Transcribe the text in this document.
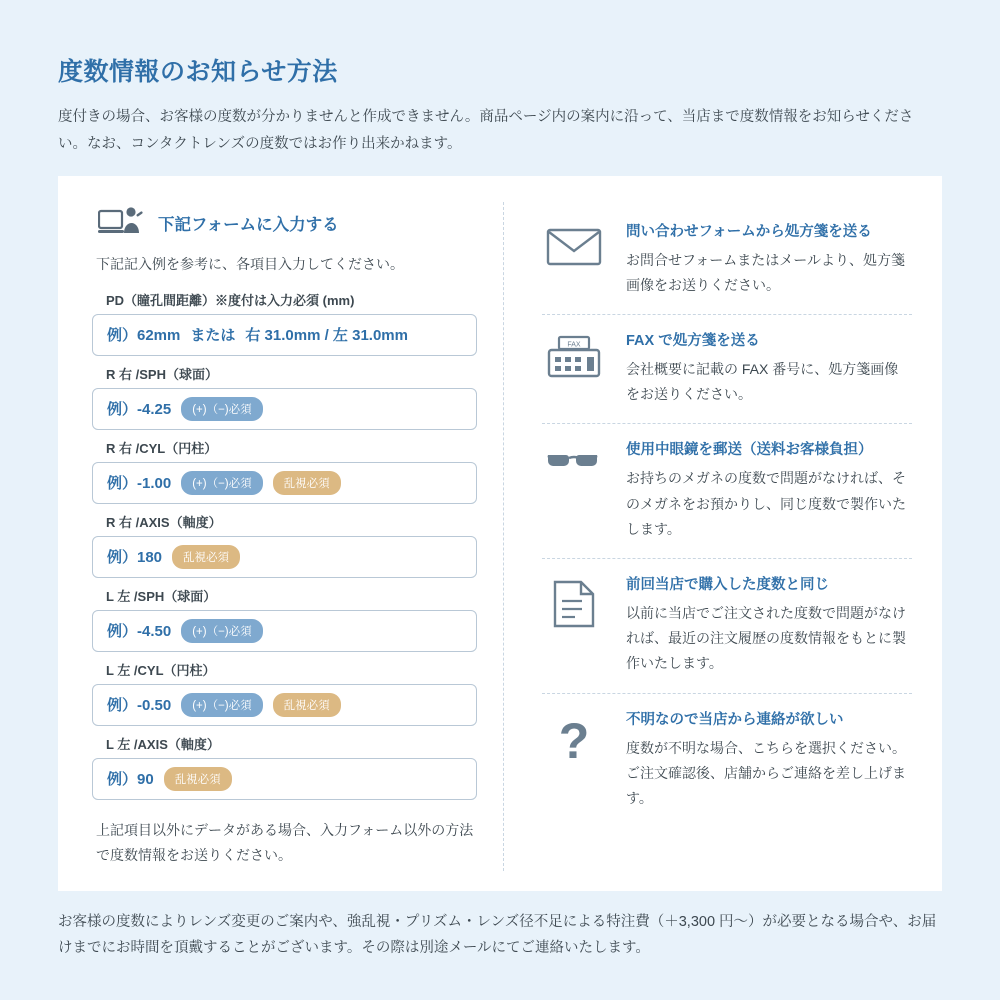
度数情報のお知らせ方法

度付きの場合、お客様の度数が分かりませんと作成できません。商品ページ内の案内に沿って、当店まで度数情報をお知らせください。なお、コンタクトレンズの度数ではお作り出来かねます。

下記フォームに入力する

下記記入例を参考に、各項目入力してください。

PD（瞳孔間距離）※度付は入力必須 (mm)
例）62mm または 右 31.0mm / 左 31.0mm
R 右 /SPH（球面）
例）-4.25	(+)（−)必須
R 右 /CYL（円柱）
例）-1.00	(+)（−)必須	乱視必須
R 右 /AXIS（軸度）
例）180	乱視必須
L 左 /SPH（球面）
例）-4.50	(+)（−)必須
L 左 /CYL（円柱）
例）-0.50	(+)（−)必須	乱視必須
L 左 /AXIS（軸度）
例）90	乱視必須

上記項目以外にデータがある場合、入力フォーム以外の方法で度数情報をお送りください。

問い合わせフォームから処方箋を送る
お問合せフォームまたはメールより、処方箋画像をお送りください。
FAX	FAX で処方箋を送る
会社概要に記載の FAX 番号に、処方箋画像をお送りください。
使用中眼鏡を郵送（送料お客様負担）
お持ちのメガネの度数で問題がなければ、そのメガネをお預かりし、同じ度数で製作いたします。
前回当店で購入した度数と同じ
以前に当店でご注文された度数で問題がなければ、最近の注文履歴の度数情報をもとに製作いたします。
?	不明なので当店から連絡が欲しい
度数が不明な場合、こちらを選択ください。ご注文確認後、店舗からご連絡を差し上げます。

お客様の度数によりレンズ変更のご案内や、強乱視・プリズム・レンズ径不足による特注費（＋3,300 円〜）が必要となる場合や、お届けまでにお時間を頂戴することがございます。その際は別途メールにてご連絡いたします。
